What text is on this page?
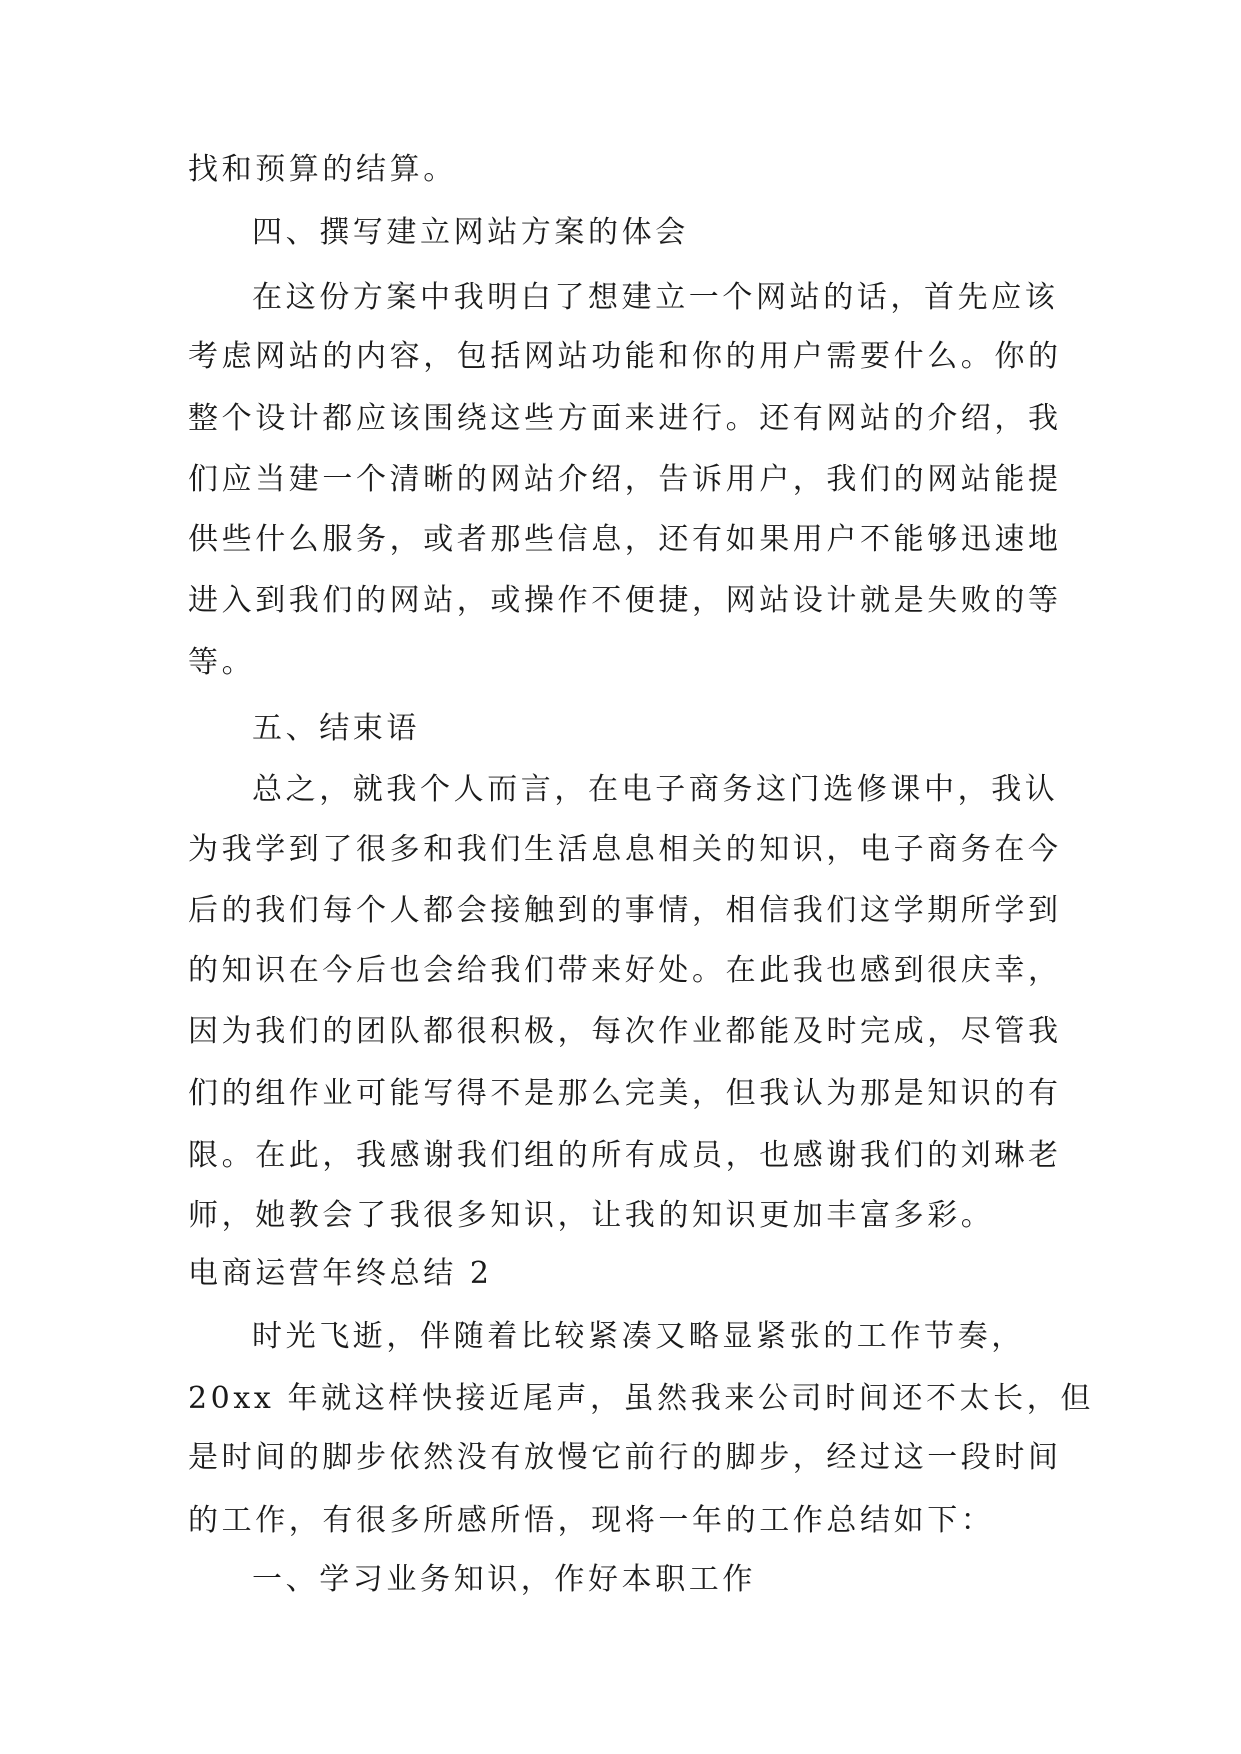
找和预算的结算。

四、撰写建立网站方案的体会

在这份方案中我明白了想建立一个网站的话，首先应该

考虑网站的内容，包括网站功能和你的用户需要什么。你的

整个设计都应该围绕这些方面来进行。还有网站的介绍，我

们应当建一个清晰的网站介绍，告诉用户，我们的网站能提

供些什么服务，或者那些信息，还有如果用户不能够迅速地

进入到我们的网站，或操作不便捷，网站设计就是失败的等

等。

五、结束语

总之，就我个人而言，在电子商务这门选修课中，我认

为我学到了很多和我们生活息息相关的知识，电子商务在今

后的我们每个人都会接触到的事情，相信我们这学期所学到

的知识在今后也会给我们带来好处。在此我也感到很庆幸，

因为我们的团队都很积极，每次作业都能及时完成，尽管我

们的组作业可能写得不是那么完美，但我认为那是知识的有

限。在此，我感谢我们组的所有成员，也感谢我们的刘琳老

师，她教会了我很多知识，让我的知识更加丰富多彩。

电商运营年终总结 2

时光飞逝，伴随着比较紧凑又略显紧张的工作节奏，

20xx 年就这样快接近尾声，虽然我来公司时间还不太长，但

是时间的脚步依然没有放慢它前行的脚步，经过这一段时间

的工作，有很多所感所悟，现将一年的工作总结如下：

一、学习业务知识，作好本职工作
